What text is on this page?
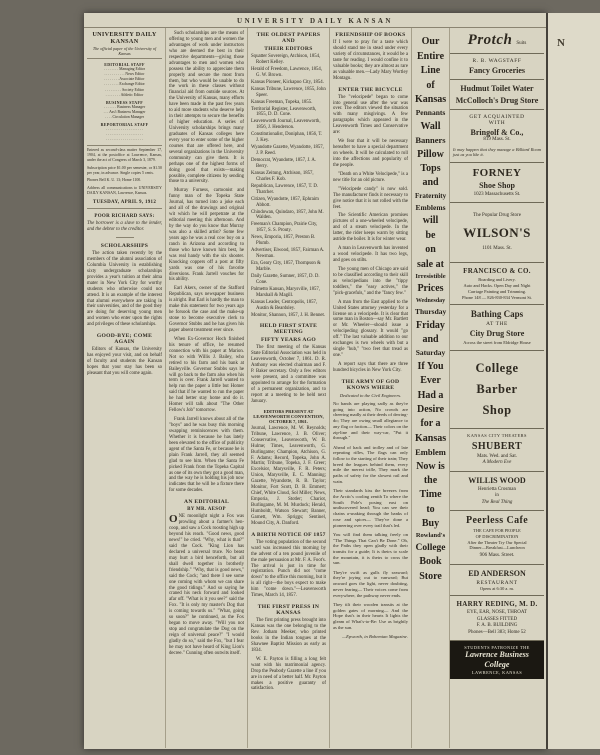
UNIVERSITY DAILY KANSAN
UNIVERSITY DAILY KANSAN
The official paper of the University of Kansas
EDITORIAL STAFF
. . . . . . . . Managing Editor
. . . . . . . . . . . News Editor
. . . . . . . . Associate Editor
. . . . . . . . Exchange Editor
. . . . . . . . . Society Editor
. . . . . . . . Athletic Editor
BUSINESS STAFF
. . . . . . . Business Manager
. . . Ass't Business Manager
. . . . Circulation Manager
REPORTORIAL STAFF
. . . . . . . . . . . . . . . . . . . .
. . . . . . . . . . . . . . . . . . . .
. . . . . . . . . . . . . . . . . . . .

Entered as second-class matter September 17, 1904, at the postoffice at Lawrence, Kansas, under the act of Congress of March 3, 1879.

Subscription price $1.00 per semester, or $1.50 per year, in advance. Single copies 5 cents.

Phones Bell K. U. 13; Home 1100.

Address all communications to UNIVERSITY DAILY KANSAN, Lawrence, Kansas.

TUESDAY, APRIL 9, 1912
POOR RICHARD SAYS:

The borrower is a slave to the lender, and the debtor to the creditor.

SCHOLARSHIPS

The action taken recently by the members of the alumni association of Columbia University in establishing sixty undergraduate scholarships provides a year's tuition at their alma mater in New York City for worthy students who otherwise could not attend. It is an example of the interest that alumni everywhere are taking in their universities, and of the good they are doing for deserving young men and women who enter upon the rights and privileges of these scholarships.

GOOD-BYE; COME AGAIN

Editors of Kansas, the University has enjoyed your visit, and on behalf of faculty and students the Kansan hopes that your stay has been so pleasant that you will come again.

Such scholarships are the means of offering to young men and women the advantages of work under instructors who are deemed the best in their respective departments—giving those advantages to men and women who possess the ability to appreciate them properly and secure the most from them, but who would be unable to do the work in these classes without financial aid from outside sources. At the University of Kansas, many efforts have been made in the past few years to aid more students who deserve help in their attempts to secure the benefits of higher education. A series of University scholarships brings many graduates of Kansas colleges here every year to enter some of the higher courses that are offered here, and several organizations in the University community can give them. It is perhaps one of the highest forms of doing good that exists—making possible, complete citizens by sending those to a university.

Murray Furness, cartoonist and funny man of the Topeka State Journal, has turned into a joke each and all of the drawings and original wit which he will perpetrate at the editorial meeting this afternoon. And by the way do you know that Murray was also a skilled artist? Some few years ago he was a real cow boy on a ranch in Arizona and according to those who have known him best, he was real handy with the six shooter. Knocking coppers off a post at fifty yards was one of his favorite diversions. Frank Jarrell vouches for his ability.

Earl Akers, owner of the Stafford Republican, says newspaper business is alright. But Earl is hardly the man to make this statement for two years ago he forsook the case and the make-up stone to become executive clerk to Governor Stubbs and he has given his paper absent treatment ever since.

When Ex-Governor Hoch finished his tenure of office, he resumed connection with his paper at Marion. Not so with Willis J. Bailey, who retired to his farm and his bank at Baileyville. Governor Stubbs says he will go back to the farm also when his term is over. Frank Jarrell wanted to help run the paper a little but Homer said that if he wanted to run the paper he had better stay home and do it. Homer will talk about "The Other Fellow's Job" tomorrow.

Frank Jarrell knows about all of the "boys" and he was busy this morning swapping reminiscences with them. Whether it is because he has lately been elevated to the office of publicity agent of the Santa Fe, or because he is plain Frank Jarrell, they all seemed glad to see him. When the Santa Fe picked Frank from the Topeka Capital as one of its own they got a good man, and the way he is holding his job now indicates that he will be a fixture there for some decades.

AN EDITORIAL
BY MR. AESOP

ONE moonlight night a Fox was prowling about a farmer's hen-coop, and saw a Cock roosting high up beyond his reach. "Good news, good news!" he cried. "Why, what is that?" said the Cock. "King Lion has declared a universal truce. No beast may hurt a bird henceforth, but all shall dwell together in brotherly friendship." "Why, that is good news," said the Cock; "and there I see some one coming with whom we can share the good tidings." And so saying he craned his neck forward and looked afar off. "What is it you see?" said the Fox. "It is only my master's Dog that is coming towards us." "What, going so soon?" he continued, as the Fox began to move away. "Will you not stop and congratulate the Dog on the reign of universal peace?" "I would gladly do so," said the Fox, "but I fear he may not have heard of King Lion's decree." Cunning often outwits itself.

THE OLDEST PAPERS AND
THEIR EDITORS

Squatter Sovereign, Atchison, 1854, Robert Kelley.

Herald of Freedom, Lawrence, 1854, G. W. Brown.

Kansas Pioneer, Kickapoo City, 1854.

Kansas Tribune, Lawrence, 1855, John Speer.

Kansas Freeman, Topeka, 1855.

Territorial Register, Leavenworth, 1855, D. D. Cone.

Leavenworth Journal, Leavenworth, 1856, J. Henderson.

Constitutionalist, Doniphan, 1856, T. J. Key.

Wyandotte Gazette, Wyandotte, 1857, J. P. Reed.

Democrat, Wyandotte, 1857, J. A. Berry.

Kansas Zeitung, Atchison, 1857, Charles F. Kob.

Republican, Lawrence, 1857, T. D. Thatcher.

Citizen, Wyandotte, 1857, Ephraim Abbott.

Chindowan, Quindaro, 1857, John M. Walden.

Freeman's Champion, Prairie City, 1857, S. S. Prouty.

News, Emporia, 1857, Preston B. Plumb.

Advertiser, Elwood, 1857, Fairman A. Newman.

Era, Geary City, 1857, Thompson & Marble.

Daily Gazette, Sumner, 1857, D. D. Cone.

Palmetto Kansan, Marysville, 1857, Marshall & Magill.

Kansas Leader, Centropolis, 1857, Austin & Beardsley.

Monitor, Shannon, 1857, J. H. Bennet.

HELD FIRST STATE MEETING
FIFTY YEARS AGO

The first meeting of the Kansas State Editorial Association was held in Leavenworth, October 7, 1861. D. R. Anthony was elected chairman and F. P. Baker secretary. Only a few editors were present, and a committee was appointed to arrange for the formation of a permanent organization, and to report at a meeting to be held next January.

EDITORS PRESENT AT LEAVENWORTH CONVENTION, OCTOBER 7, 1861.

Journal, Lawrence, M. W. Reynolds; Tribune, Lawrence, J. B. Oliver; Conservative, Leavenworth, W. B. Hulme; Times, Leavenworth, G. Burlingame; Champion, Atchison, G. F. Adams; Record, Topeka, John A. Martin; Tribune, Topeka, J. F. Greer; Excelsior, Marysville, F. R. Peters; Union, Marysville, E. C. Manning; Gazette, Wyandotte, R. B. Taylor; Monitor, Fort Scott, D. B. Emmert; Chief, White Cloud, Sol Miller; News, Emporia, J. Stotler; Chariot, Burlingame, M. M. Murdock; Herald, Humboldt, Watson Stewart; Banner, Garnett, Wm. Spriggs; Sentinel, Mound City, A. Danford.

A BIRTH NOTICE OF 1857

The voting population of the second ward was increased this morning by the advent of a ten pound juvenile of the male persuasion at Mr. F. A. Foot's. The arrival is just in time for registration. Punch did not "come down" to the office this morning, but it is all right—the boys expect to make him "come down."—Leavenworth Times, March 14, 1857.

THE FIRST PRESS IN KANSAS

The first printing press brought into Kansas was the one belonging to the Rev. Jotham Meeker, who printed books in the Indian tongues at the Shawnee Baptist Mission as early as 1834.

W. E. Payton is filling a long felt want with his matrimonial agency. Drop the Peabody Gazette a line if you are in need of a better half. Mr. Payton makes a positive guaranty of satisfaction.

FRIENDSHIP OF BOOKS

If I were to pray for a taste which should stand me in stead under every variety of circumstances, it would be a taste for reading. I would confine it to valuable books; they are almost as rare as valuable men.—Lady Mary Wortley Montagu.

ENTER THE BICYCLE

The "velocipede" began to come into general use after the war was over. The editors viewed the situation with many misgivings. A few paragraphs which appeared in the Leavenworth Times and Conservative are:

We fear that it will be necessary hereafter to have a special department on wheels. It will be calculated to roll into the affections and popularity of the people.

"Death on a White Velocipede," is a new title for an old picture.

"Velocipede candy" is now sold. The manufacturer finds it necessary to give notice that it is not rolled with the feet.

The Scientific American promises pictures of a one-wheeled velocipede, and of a steam velocipede. In the latter, the rider keeps warm by sitting astride the boiler. It is for winter wear.

A man in Leavenworth has invented a wood velocipede. It has two legs, and goes on stilts.

The young men of Chicago are said to be classified according to their skill as velocipedians into the "tippy toddlers," the "easy actives," the "pick-gracefuls," and the "fancy few."

A man from the East applied to the United States attorney yesterday for a license on a velocipede. It is clear that some man in Boston—say Mr. Bartlett or Mr. Wheeler—should issue a velocipeding glossary. It would "go off." The last valuable addition to our exchanges is two wheels with but a single "hub," "two feet that tread as one."

A report says that there are three hundred bicycles in New York City.

THE ARMY OF GOD KNOWS WHERE
Dedicated to the Civil Engineers.

No bands are playing sadly as they're going into action, No crowds are cheering madly at their deeds of derring-do; They are owing small allegiance to any flag or faction— Their colors on the zip-line and their way-car, "Put it through."

Ahead of hack and trolley and of late repeating rifles, The flags can only follow to the starting of their train; They breed the leagues behind them, every mile the merest trifle, They mark the paths of safety for the slowest rail and wain.

Their standards kiss the breezes from the Arctic's cooling zenith To where the South Pole's posing east on undiscovered head; You can see their chains a-snaking through the banks of rose and spices— They've done a pioneering over every trail that's led.

You will find them talking freely on "The Things That Can't Be Done." Oh, the Paths they open gladly with their transits for a guide; It is theirs to scale the mountain, it is theirs to cross the sun.

They're swift as gulls fly seaward; they're joying out to vanward; But onward goes the light, never doubting, never fearing— Their voices come from everywhere, the pathway never ends.

They tilt their wooden transits at the golden gates of morning— And the Hope that's in their hearts It lights the gleam of What's-to-Be: Use as brightly as the sun.

—Epworth, in Bohemian Magazine.
Our
Entire
Line
of
Kansas
Pennants
Wall
Banners
Pillow
Tops
and
Fraternity
Emblems
will
be
on
sale at
Irresistible
Prices
Wednesday
Thursday
Friday
and
Saturday
If You
Ever
Had a
Desire
for a
Kansas
Emblem
Now is
the
Time
to
Buy
Rowland's
College
Book
Store
Protch Suits
R. B. WAGSTAFF
Fancy Groceries
Hudmut Toilet Water
McColloch's Drug Store
GET ACQUAINTED
WITH
Bringolf & Co.,
819 Mass. St.
It may happen that they manage a Billiard Room just as you like it.
FORNEY
Shoe Shop
1023 Massachusetts St.
The Popular Drug Store
WILSON'S
1101 Mass. St.
FRANCISCO & CO.
Boarding and Livery.
Auto and Hacks. Open Day and Night
Carriage Painting and Trimming.
Phone 148 — 826-830-834 Vermont St.
Bathing Caps
AT THE
City Drug Store
Across the street from Eldridge House
College
Barber
Shop
KANSAS CITY THEATERS
SHUBERT
Mats. Wed. and Sat.
A Modern Eve
WILLIS WOOD
Henrietta Crosman
in
The Real Thing
Peerless Cafe
THE CAFE FOR PEOPLE
OF DISCRIMINATION
After the Theater Try Our Special
Dinner—Breakfast—Luncheon
906 Mass. Street.
ED ANDERSON
RESTAURANT
Opens at 6:30 a. m.
HARRY REDING, M. D.
EYE, EAR, NOSE, THROAT
GLASSES FITTED
F. A. B. BUILDING
Phones—Bell 383; Home 52
STUDENTS PATRONIZE THE
Lawrence Business College
LAWRENCE, KANSAS
N
